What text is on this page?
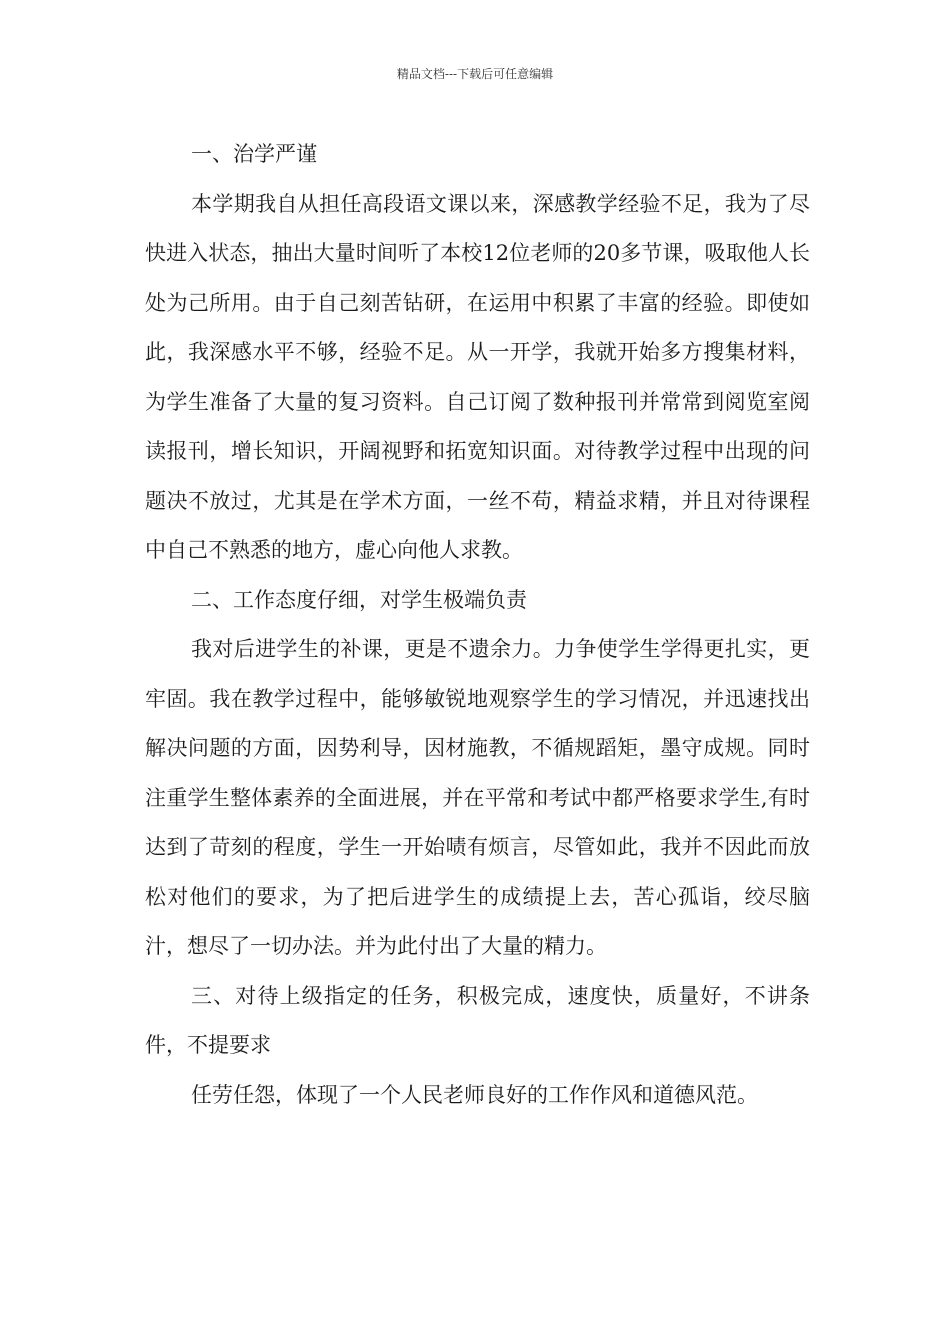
精品文档---下载后可任意编辑

一、治学严谨

本学期我自从担任高段语文课以来，深感教学经验不足，我为了尽快进入状态，抽出大量时间听了本校12位老师的20多节课，吸取他人长处为己所用。由于自己刻苦钻研，在运用中积累了丰富的经验。即使如此，我深感水平不够，经验不足。从一开学，我就开始多方搜集材料，为学生准备了大量的复习资料。自己订阅了数种报刊并常常到阅览室阅读报刊，增长知识，开阔视野和拓宽知识面。对待教学过程中出现的问题决不放过，尤其是在学术方面，一丝不苟，精益求精，并且对待课程中自己不熟悉的地方，虚心向他人求教。

二、工作态度仔细，对学生极端负责

我对后进学生的补课，更是不遗余力。力争使学生学得更扎实，更牢固。我在教学过程中，能够敏锐地观察学生的学习情况，并迅速找出解决问题的方面，因势利导，因材施教，不循规蹈矩，墨守成规。同时注重学生整体素养的全面进展，并在平常和考试中都严格要求学生,有时达到了苛刻的程度，学生一开始啧有烦言，尽管如此，我并不因此而放松对他们的要求，为了把后进学生的成绩提上去，苦心孤诣，绞尽脑汁，想尽了一切办法。并为此付出了大量的精力。

三、对待上级指定的任务，积极完成，速度快，质量好，不讲条件，不提要求

任劳任怨，体现了一个人民老师良好的工作作风和道德风范。
